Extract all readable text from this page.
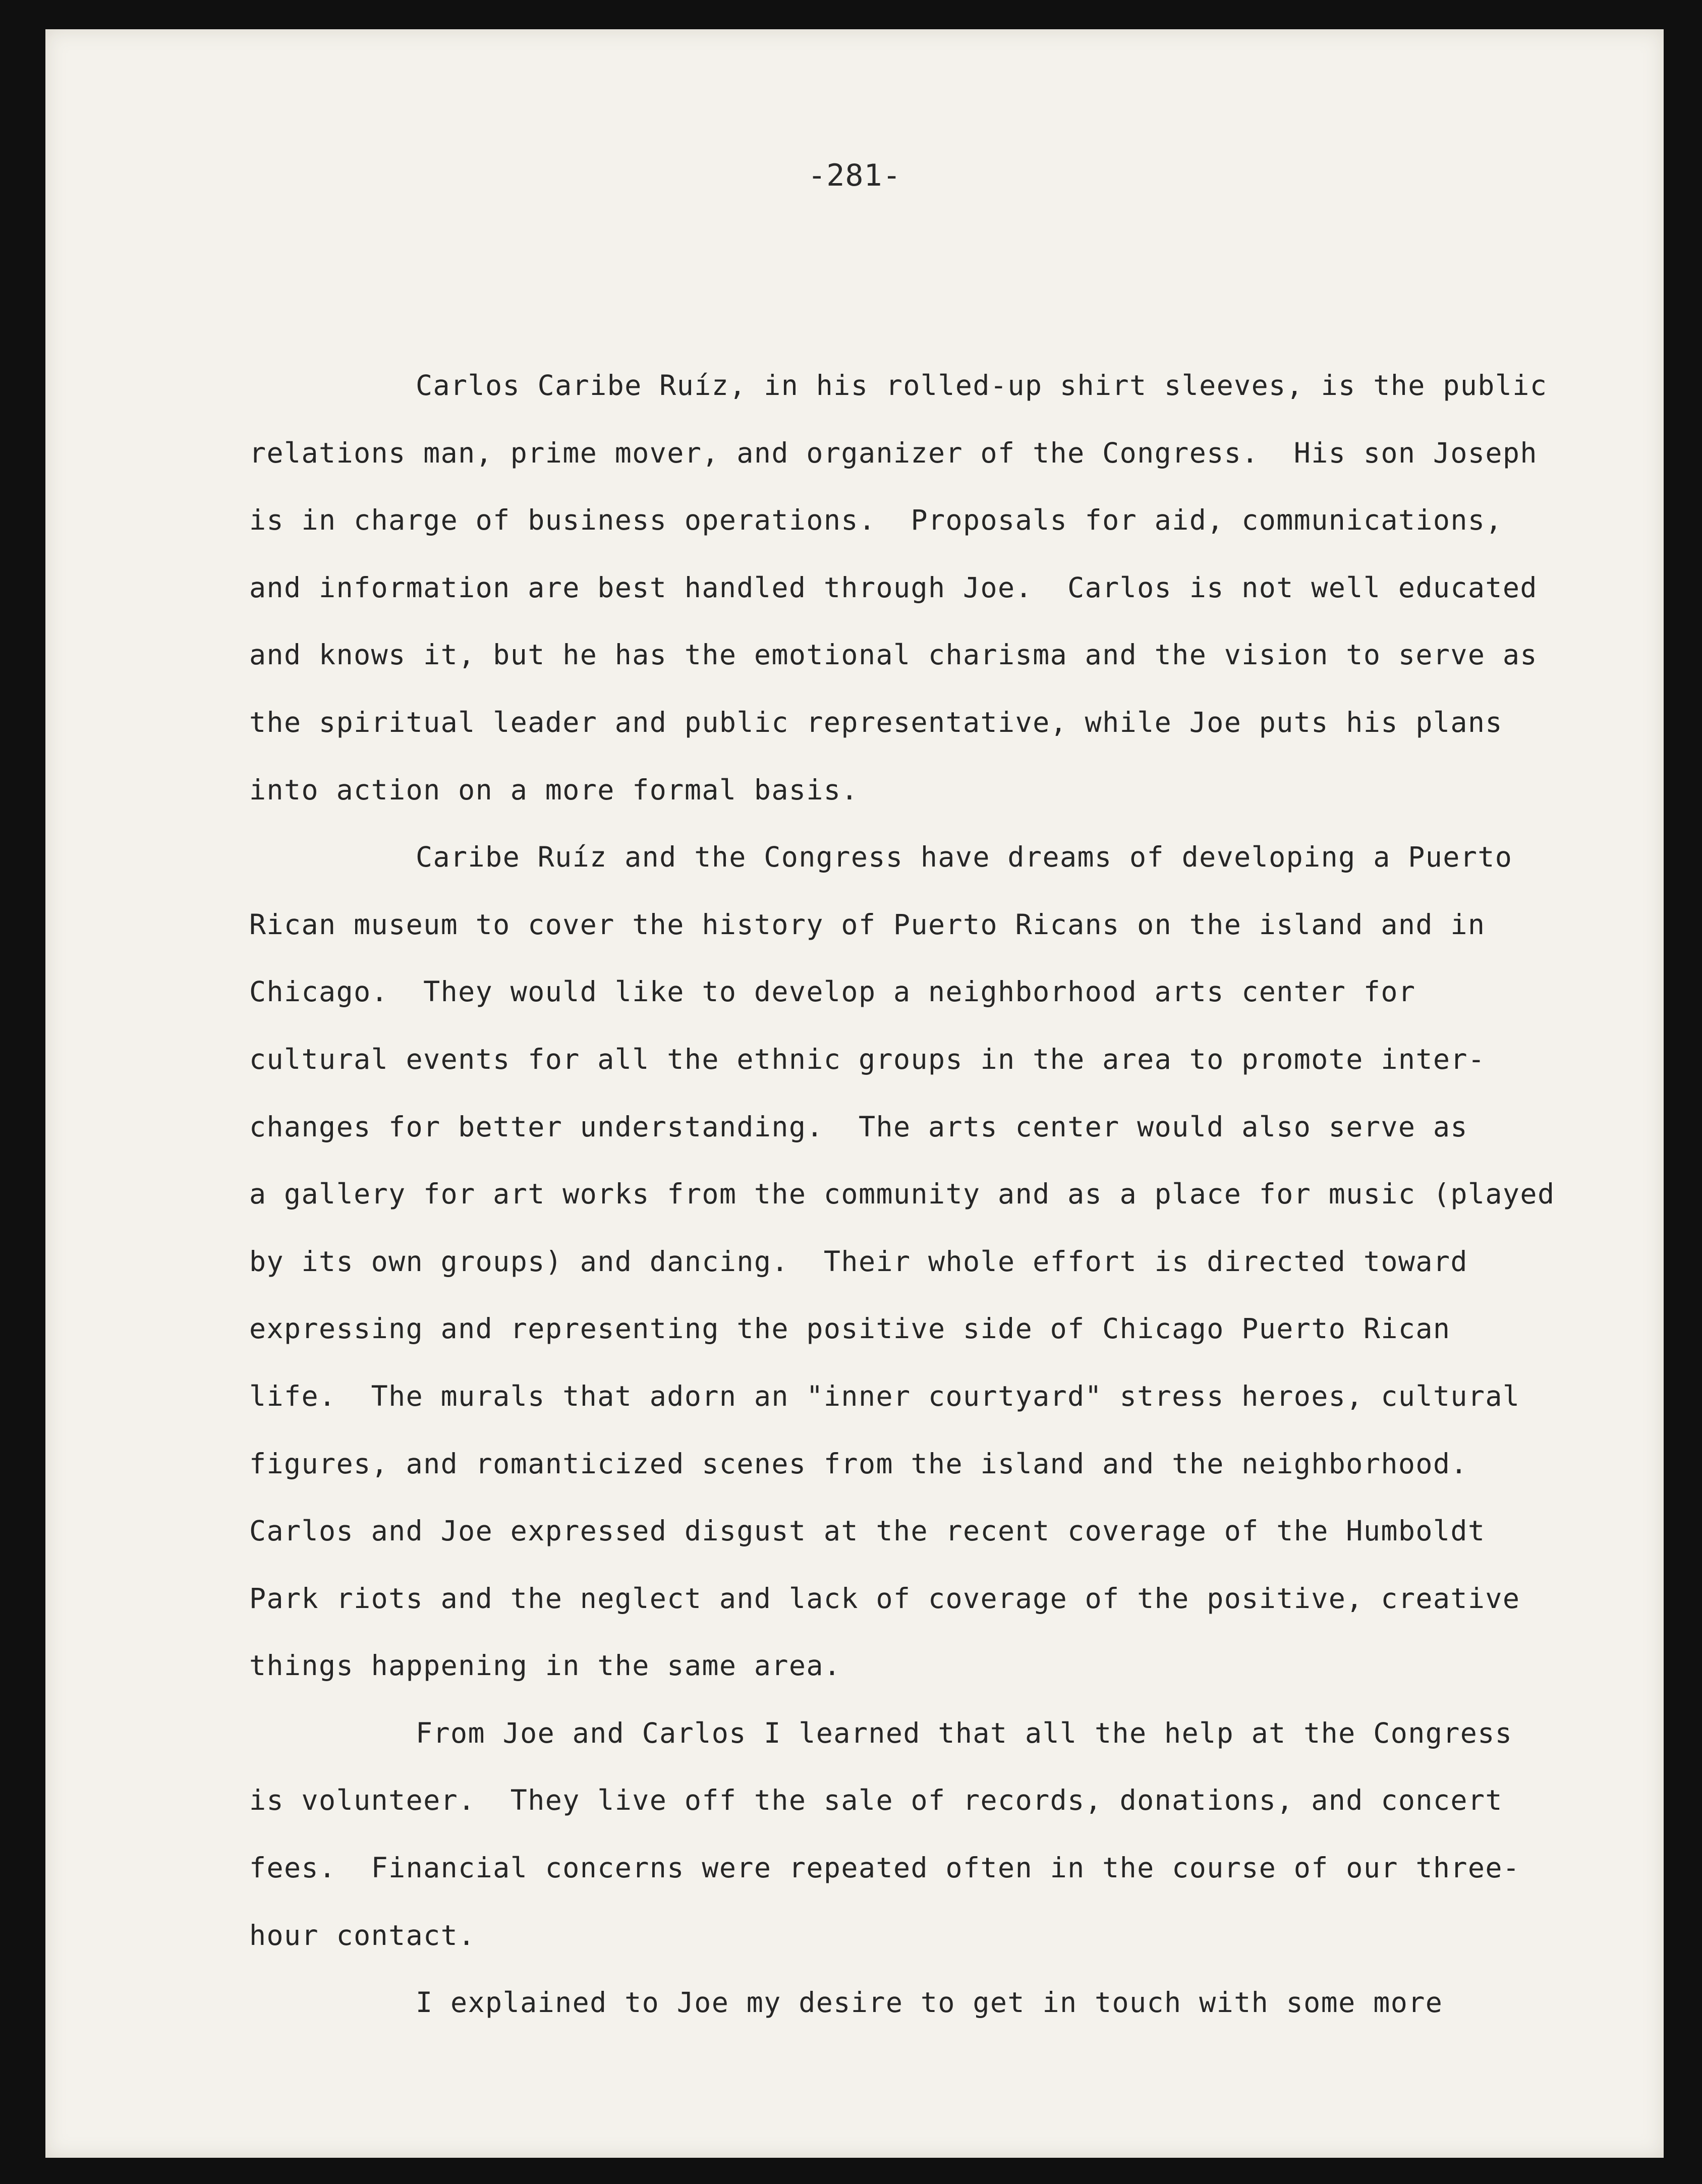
-281-
Carlos Caribe Ruíz, in his rolled-up shirt sleeves, is the public
relations man, prime mover, and organizer of the Congress.  His son Joseph
is in charge of business operations.  Proposals for aid, communications,
and information are best handled through Joe.  Carlos is not well educated
and knows it, but he has the emotional charisma and the vision to serve as
the spiritual leader and public representative, while Joe puts his plans
into action on a more formal basis.
Caribe Ruíz and the Congress have dreams of developing a Puerto
Rican museum to cover the history of Puerto Ricans on the island and in
Chicago.  They would like to develop a neighborhood arts center for
cultural events for all the ethnic groups in the area to promote inter-
changes for better understanding.  The arts center would also serve as
a gallery for art works from the community and as a place for music (played
by its own groups) and dancing.  Their whole effort is directed toward
expressing and representing the positive side of Chicago Puerto Rican
life.  The murals that adorn an "inner courtyard" stress heroes, cultural
figures, and romanticized scenes from the island and the neighborhood.
Carlos and Joe expressed disgust at the recent coverage of the Humboldt
Park riots and the neglect and lack of coverage of the positive, creative
things happening in the same area.
From Joe and Carlos I learned that all the help at the Congress
is volunteer.  They live off the sale of records, donations, and concert
fees.  Financial concerns were repeated often in the course of our three-
hour contact.
I explained to Joe my desire to get in touch with some more
